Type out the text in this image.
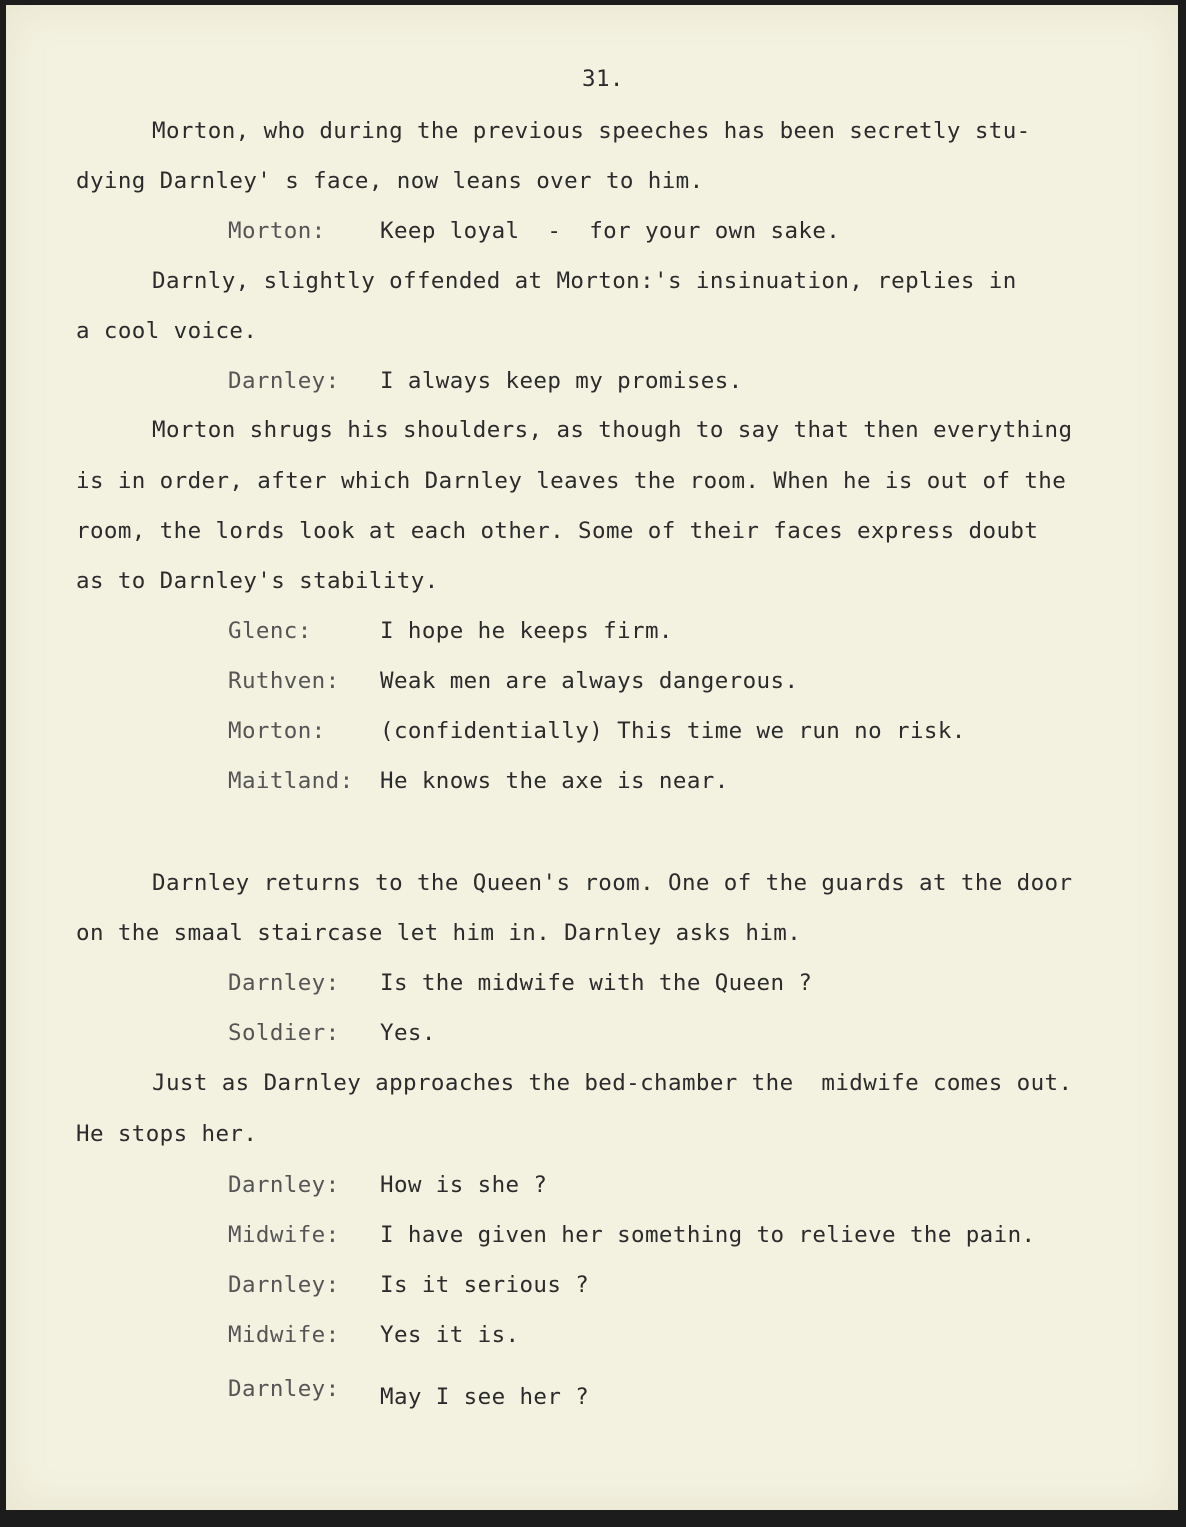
31.
Morton, who during the previous speeches has been secretly stu-
dying Darnley' s face, now leans over to him.

Morton:

Keep loyal  -  for your own sake.

Darnly, slightly offended at Morton:'s insinuation, replies in
a cool voice.

Darnley:

I always keep my promises.

Morton shrugs his shoulders, as though to say that then everything
is in order, after which Darnley leaves the room. When he is out of the
room, the lords look at each other. Some of their faces express doubt
as to Darnley's stability.

Glenc:

	I hope he keeps firm.

Ruthven:

Weak men are always dangerous.

Morton:

(confidentially) This time we run no risk.

Maitland:

He knows the axe is near.

Darnley returns to the Queen's room. One of the guards at the door
on the smaal staircase let him in. Darnley asks him.

Darnley:

Is the midwife with the Queen ?

Soldier:

Yes.

Just as Darnley approaches the bed-chamber the  midwife comes out.
He stops her.

Darnley:

How is she ?

Midwife:

I have given her something to relieve the pain.

Darnley:

Is it serious ?

Midwife:

Yes it is.

Darnley:

May I see her ?
